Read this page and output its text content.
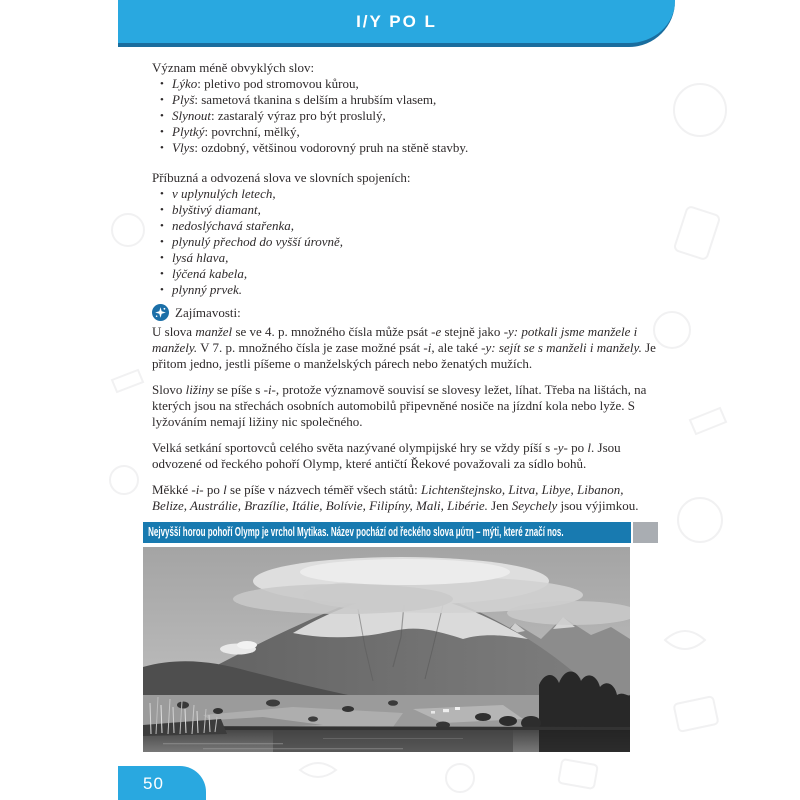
I/Y PO L
Význam méně obvyklých slov:
• Lýko: pletivo pod stromovou kůrou,
• Plyš: sametová tkanina s delším a hrubším vlasem,
• Slynout: zastaralý výraz pro být proslulý,
• Plytký: povrchní, mělký,
• Vlys: ozdobný, většinou vodorovný pruh na stěně stavby.
Příbuzná a odvozená slova ve slovních spojeních:
• v uplynulých letech,
• blyštivý diamant,
• nedoslýchavá stařenka,
• plynulý přechod do vyšší úrovně,
• lysá hlava,
• lýčená kabela,
• plynný prvek.
Zajímavosti:
U slova manžel se ve 4. p. množného čísla může psát -e stejně jako -y: potkali jsme manžele i manžely. V 7. p. množného čísla je zase možné psát -i, ale také -y: sejít se s manželi i manžely. Je přitom jedno, jestli píšeme o manželských párech nebo ženatých mužích.
Slovo ližiny se píše s -i-, protože významově souvisí se slovesy ležet, líhat. Třeba na lištách, na kterých jsou na střechách osobních automobilů připevněné nosiče na jízdní kola nebo lyže. S lyžováním nemají ližiny nic společného.
Velká setkání sportovců celého světa nazývané olympijské hry se vždy píší s -y- po l. Jsou odvozené od řeckého pohoří Olymp, které antičtí Řekové považovali za sídlo bohů.
Měkké -i- po l se píše v názvech téměř všech států: Lichtenštejnsko, Litva, Libye, Libanon, Belize, Austrálie, Brazílie, Itálie, Bolívie, Filipíny, Mali, Libérie. Jen Seychely jsou výjimkou.
Nejvyšší horou pohoří Olymp je vrchol Mytikas. Název pochází od řeckého slova μύτη – mýti, které značí nos.
50
